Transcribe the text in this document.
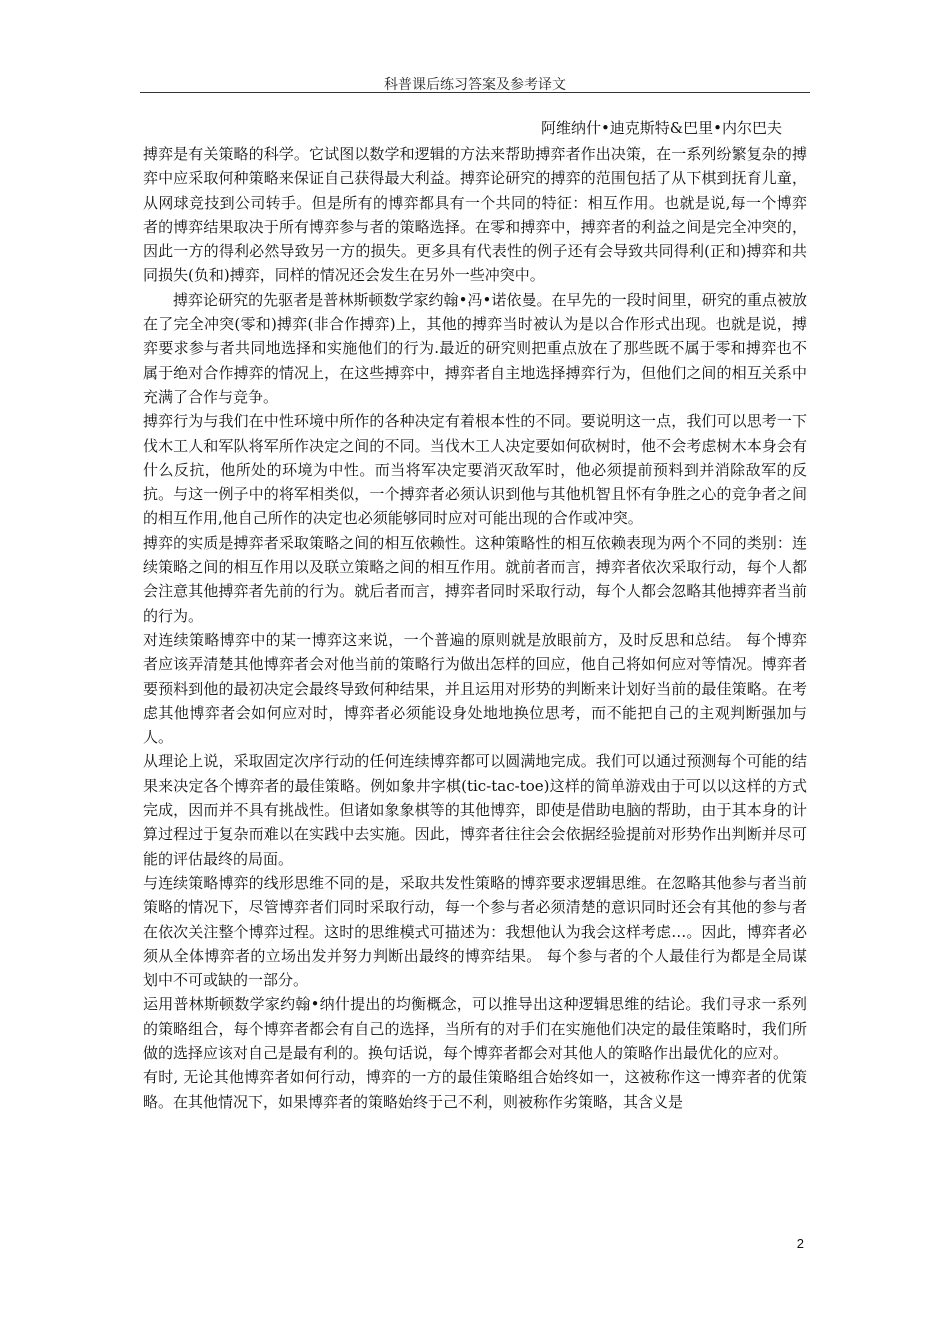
科普课后练习答案及参考译文
阿维纳什•迪克斯特&巴里•内尔巴夫

搏弈是有关策略的科学。它试图以数学和逻辑的方法来帮助搏弈者作出决策，在一系列纷繁复杂的搏弈中应采取何种策略来保证自己获得最大利益。搏弈论研究的搏弈的范围包括了从下棋到抚育儿童，从网球竞技到公司转手。但是所有的博弈都具有一个共同的特征：相互作用。也就是说,每一个博弈者的博弈结果取决于所有博弈参与者的策略选择。在零和搏弈中，搏弈者的利益之间是完全冲突的，因此一方的得利必然导致另一方的损失。更多具有代表性的例子还有会导致共同得利(正和)搏弈和共同损失(负和)搏弈，同样的情况还会发生在另外一些冲突中。

搏弈论研究的先驱者是普林斯顿数学家约翰•冯•诺依曼。在早先的一段时间里，研究的重点被放在了完全冲突(零和)搏弈(非合作搏弈)上，其他的搏弈当时被认为是以合作形式出现。也就是说，搏弈要求参与者共同地选择和实施他们的行为.最近的研究则把重点放在了那些既不属于零和搏弈也不属于绝对合作搏弈的情况上，在这些搏弈中，搏弈者自主地选择搏弈行为，但他们之间的相互关系中充满了合作与竞争。

搏弈行为与我们在中性环境中所作的各种决定有着根本性的不同。要说明这一点，我们可以思考一下伐木工人和军队将军所作决定之间的不同。当伐木工人决定要如何砍树时，他不会考虑树木本身会有什么反抗，他所处的环境为中性。而当将军决定要消灭敌军时，他必须提前预料到并消除敌军的反抗。与这一例子中的将军相类似，一个搏弈者必须认识到他与其他机智且怀有争胜之心的竞争者之间的相互作用,他自己所作的决定也必须能够同时应对可能出现的合作或冲突。

搏弈的实质是搏弈者采取策略之间的相互依赖性。这种策略性的相互依赖表现为两个不同的类别：连续策略之间的相互作用以及联立策略之间的相互作用。就前者而言，搏弈者依次采取行动，每个人都会注意其他搏弈者先前的行为。就后者而言，搏弈者同时采取行动，每个人都会忽略其他搏弈者当前的行为。

对连续策略博弈中的某一博弈这来说，一个普遍的原则就是放眼前方，及时反思和总结。 每个博弈者应该弄清楚其他博弈者会对他当前的策略行为做出怎样的回应，他自己将如何应对等情况。博弈者要预料到他的最初决定会最终导致何种结果，并且运用对形势的判断来计划好当前的最佳策略。在考虑其他博弈者会如何应对时，博弈者必须能设身处地地换位思考，而不能把自己的主观判断强加与人。

从理论上说，采取固定次序行动的任何连续博弈都可以圆满地完成。我们可以通过预测每个可能的结果来决定各个博弈者的最佳策略。例如象井字棋(tic-tac-toe)这样的简单游戏由于可以以这样的方式完成，因而并不具有挑战性。但诸如象象棋等的其他博弈，即使是借助电脑的帮助，由于其本身的计算过程过于复杂而难以在实践中去实施。因此，博弈者往往会会依据经验提前对形势作出判断并尽可能的评估最终的局面。

与连续策略博弈的线形思维不同的是，采取共发性策略的博弈要求逻辑思维。在忽略其他参与者当前策略的情况下，尽管博弈者们同时采取行动，每一个参与者必须清楚的意识同时还会有其他的参与者在依次关注整个博弈过程。这时的思维模式可描述为：我想他认为我会这样考虑…。因此，博弈者必须从全体博弈者的立场出发并努力判断出最终的博弈结果。 每个参与者的个人最佳行为都是全局谋划中不可或缺的一部分。

运用普林斯顿数学家约翰•纳什提出的均衡概念，可以推导出这种逻辑思维的结论。我们寻求一系列的策略组合，每个博弈者都会有自己的选择，当所有的对手们在实施他们决定的最佳策略时，我们所做的选择应该对自己是最有利的。换句话说，每个博弈者都会对其他人的策略作出最优化的应对。

有时, 无论其他博弈者如何行动，博弈的一方的最佳策略组合始终如一，这被称作这一博弈者的优策略。在其他情况下，如果博弈者的策略始终于己不利，则被称作劣策略，其含义是

2
